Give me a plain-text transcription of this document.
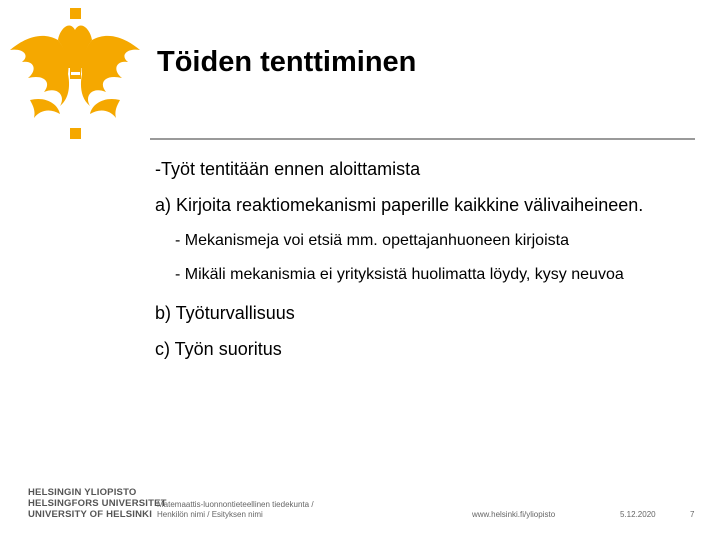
Töiden tenttiminen
-Työt tentitään ennen aloittamista
a) Kirjoita reaktiomekanismi paperille kaikkine välivaiheineen.
- Mekanismeja voi etsiä mm. opettajanhuoneen kirjoista
- Mikäli mekanismia ei yrityksistä huolimatta löydy, kysy neuvoa
b) Työturvallisuus
c) Työn suoritus
HELSINGIN YLIOPISTO
HELSINGFORS UNIVERSITET
UNIVERSITY OF HELSINKI
Matemaattis-luonnontieteellinen tiedekunta /
Henkilön nimi / Esityksen nimi	www.helsinki.fi/yliopisto	5.12.2020	7
